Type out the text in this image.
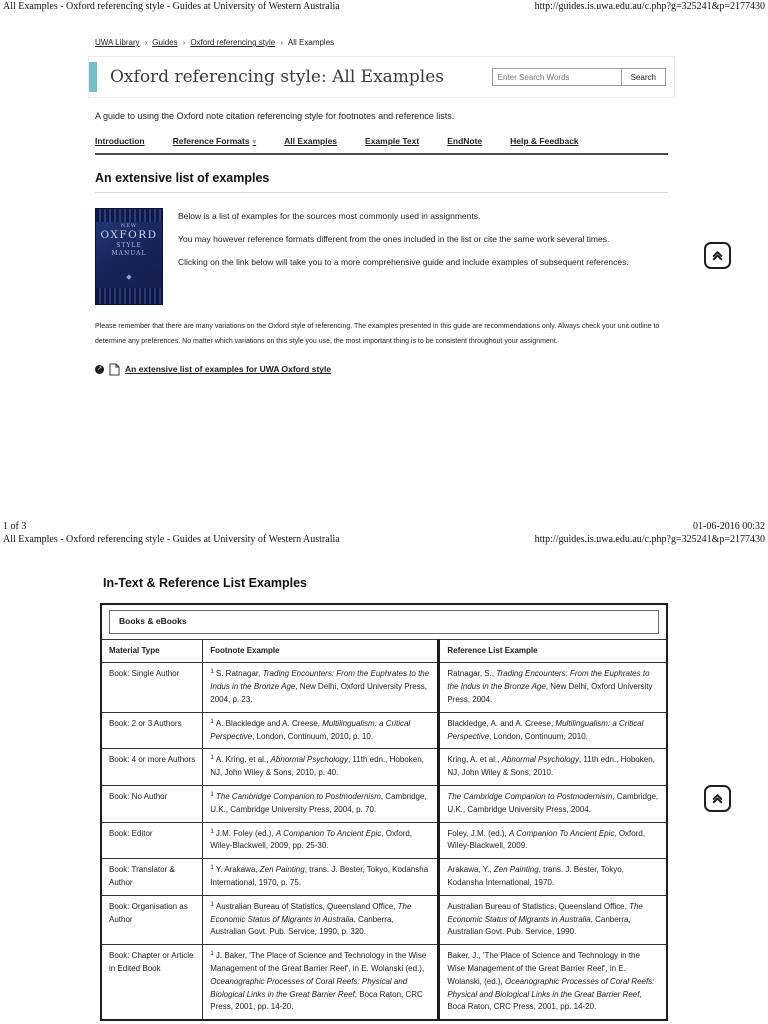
All Examples - Oxford referencing style - Guides at University of Western Australia	http://guides.is.uwa.edu.au/c.php?g=325241&p=2177430
UWA Library › Guides › Oxford referencing style › All Examples
Oxford referencing style: All Examples
Enter Search Words	Search
A guide to using the Oxford note citation referencing style for footnotes and reference lists.
Introduction	Reference Formats ▾	All Examples	Example Text	EndNote	Help & Feedback
An extensive list of examples
NEW
OXFORD
STYLE
MANUAL
◆

Below is a list of examples for the sources most commonly used in assignments.

You may however reference formats different from the ones included in the list or cite the same work several times.

Clicking on the link below will take you to a more comprehensive guide and include examples of subsequent references.

Please remember that there are many variations on the Oxford style of referencing. The examples presented in this guide are recommendations only. Always check your unit outline to determine any preferences. No matter which variations on this style you use, the most important thing is to be consistent throughout your assignment.
↗	An extensive list of examples for UWA Oxford style
1 of 3	01-06-2016 00:32
All Examples - Oxford referencing style - Guides at University of Western Australia	http://guides.is.uwa.edu.au/c.php?g=325241&p=2177430
In-Text & Reference List Examples
Books & eBooks		

Material Type	Footnote Example	Reference List Example
Book: Single Author	$^1$ S. Ratnagar, Trading Encounters: From the Euphrates to the Indus in the Bronze Age, New Delhi, Oxford University Press, 2004, p. 23.	Ratnagar, S., Trading Encounters: From the Euphrates to the Indus in the Bronze Age, New Delhi, Oxford University Press, 2004.
Book: 2 or 3 Authors	$^1$ A. Blackledge and A. Creese, Multilingualism: a Critical Perspective, London, Continuum, 2010, p. 10.	Blackledge, A. and A. Creese, Multilingualism: a Critical Perspective, London, Continuum, 2010.
Book: 4 or more Authors	$^1$ A. Kring, et al., Abnormal Psychology, 11th edn., Hoboken, NJ, John Wiley & Sons, 2010, p. 40.	Kring, A. et al., Abnormal Psychology, 11th edn., Hoboken, NJ, John Wiley & Sons, 2010.
Book: No Author	$^1$ The Cambridge Companion to Postmodernism, Cambridge, U.K., Cambridge University Press, 2004, p. 70.	The Cambridge Companion to Postmodernism, Cambridge, U.K., Cambridge University Press, 2004.
Book: Editor	$^1$ J.M. Foley (ed.), A Companion To Ancient Epic, Oxford, Wiley-Blackwell, 2009, pp. 25-30.	Foley, J.M. (ed.), A Companion To Ancient Epic, Oxford, Wiley-Blackwell, 2009.
Book: Translator & Author	$^1$ Y. Arakawa, Zen Painting, trans. J. Bester, Tokyo, Kodansha International, 1970, p. 75.	Arakawa, Y., Zen Painting, trans. J. Bester, Tokyo, Kodansha International, 1970.
Book: Organisation as Author	$^1$ Australian Bureau of Statistics, Queensland Office, The Economic Status of Migrants in Australia, Canberra, Australian Govt. Pub. Service, 1990, p. 320.	Australian Bureau of Statistics, Queensland Office, The Economic Status of Migrants in Australia, Canberra, Australian Govt. Pub. Service, 1990.
Book: Chapter or Article in Edited Book	$^1$ J. Baker, 'The Place of Science and Technology in the Wise Management of the Great Barrier Reef', in E. Wolanski (ed.), Oceanographic Processes of Coral Reefs: Physical and Biological Links in the Great Barrier Reef, Boca Raton, CRC Press, 2001, pp. 14-20.	Baker, J., 'The Place of Science and Technology in the Wise Management of the Great Barrier Reef', in E. Wolanski, (ed.), Oceanographic Processes of Coral Reefs: Physical and Biological Links in the Great Barrier Reef, Boca Raton, CRC Press, 2001, pp. 14-20.
